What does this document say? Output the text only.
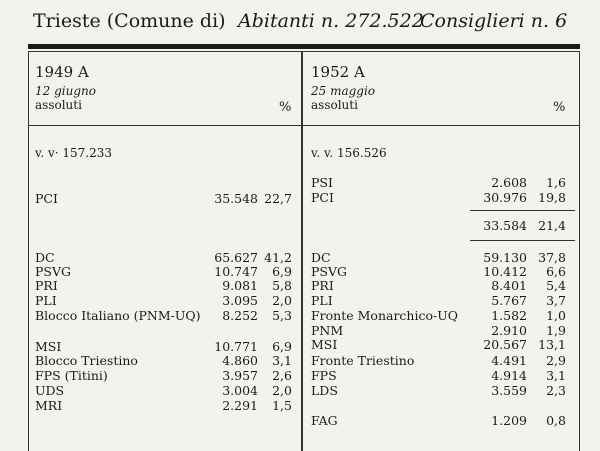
Trieste (Comune di) Abitanti n. 272.522
Consiglieri n. 6
1949 A
12 giugno
assoluti	%
v. v· 157.233
PCI	35.548 22,7
DC	65.627 41,2
PSVG	10.747 6,9
PRI	9.081 5,8
PLI	3.095 2,0
Blocco Italiano (PNM-UQ) 8.252 5,3
MSI	10.771 6,9
Blocco Triestino	4.860 3,1
FPS (Titini)	3.957 2,6
UDS	3.004 2,0
MRI	2.291 1,5
1952 A
25 maggio
assoluti	%
v. v. 156.526
PSI	2.608 1,6
PCI	30.976 19,8
33.584 21,4
DC	59.130 37,8
PSVG	10.412 6,6
PRI	8.401 5,4
PLI	5.767 3,7
Fronte Monarchico-UQ	1.582 1,0
PNM	2.910 1,9
MSI	20.567 13,1
Fronte Triestino	4.491 2,9
FPS	4.914 3,1
LDS	3.559 2,3
FAG	1.209 0,8
